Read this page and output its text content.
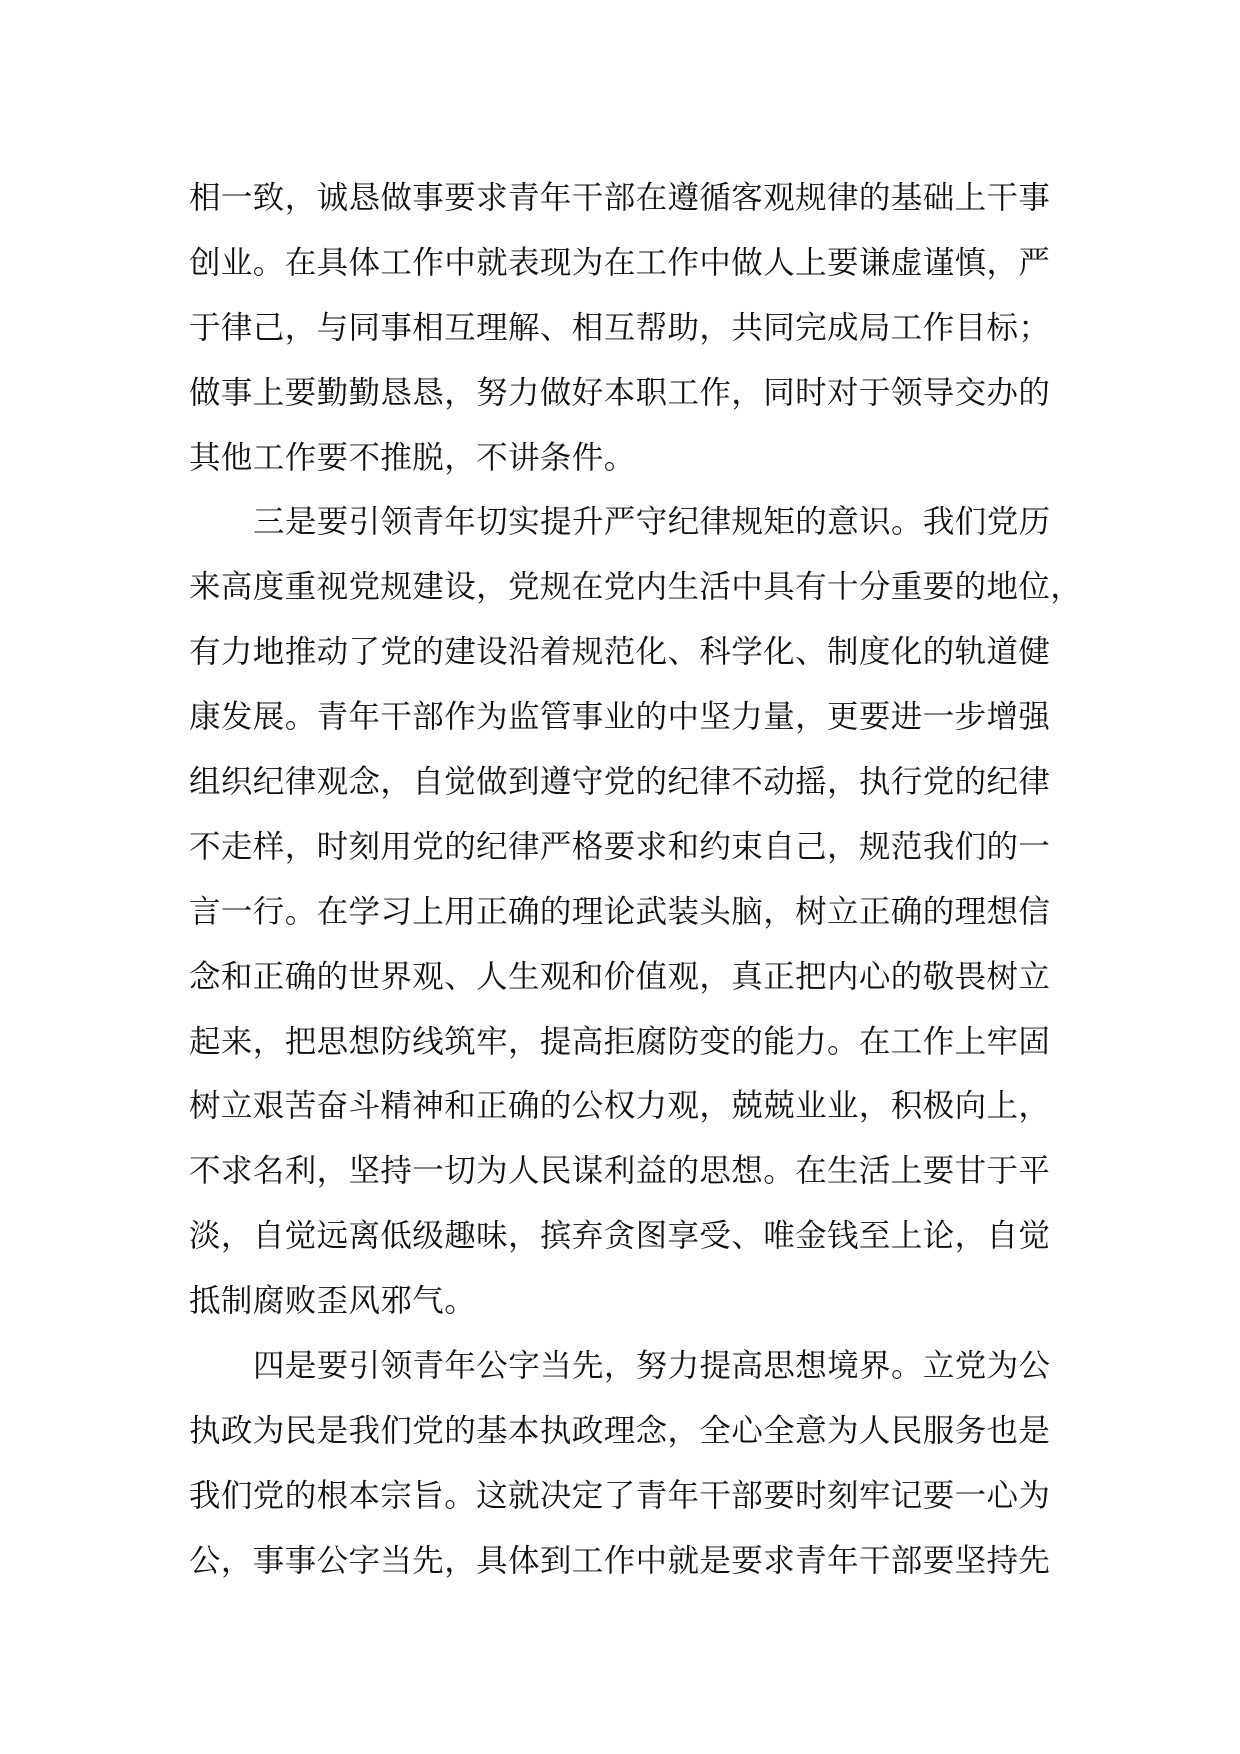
相一致，诚恳做事要求青年干部在遵循客观规律的基础上干事
创业。在具体工作中就表现为在工作中做人上要谦虚谨慎，严
于律己，与同事相互理解、相互帮助，共同完成局工作目标；
做事上要勤勤恳恳，努力做好本职工作，同时对于领导交办的
其他工作要不推脱，不讲条件。
三是要引领青年切实提升严守纪律规矩的意识。我们党历
来高度重视党规建设，党规在党内生活中具有十分重要的地位，
有力地推动了党的建设沿着规范化、科学化、制度化的轨道健
康发展。青年干部作为监管事业的中坚力量，更要进一步增强
组织纪律观念，自觉做到遵守党的纪律不动摇，执行党的纪律
不走样，时刻用党的纪律严格要求和约束自己，规范我们的一
言一行。在学习上用正确的理论武装头脑，树立正确的理想信
念和正确的世界观、人生观和价值观，真正把内心的敬畏树立
起来，把思想防线筑牢，提高拒腐防变的能力。在工作上牢固
树立艰苦奋斗精神和正确的公权力观，兢兢业业，积极向上，
不求名利，坚持一切为人民谋利益的思想。在生活上要甘于平
淡，自觉远离低级趣味，摈弃贪图享受、唯金钱至上论，自觉
抵制腐败歪风邪气。
四是要引领青年公字当先，努力提高思想境界。立党为公
执政为民是我们党的基本执政理念，全心全意为人民服务也是
我们党的根本宗旨。这就决定了青年干部要时刻牢记要一心为
公，事事公字当先，具体到工作中就是要求青年干部要坚持先
